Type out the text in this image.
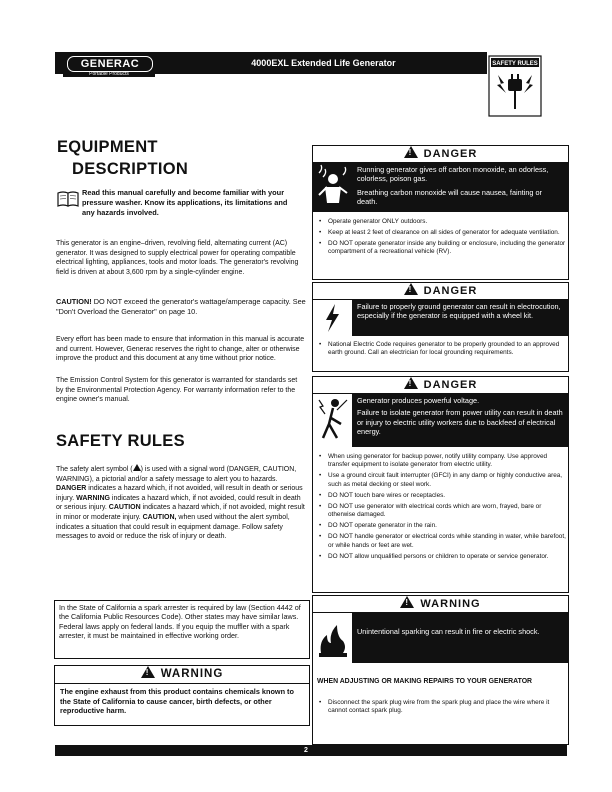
GENERAC
Portable Products
4000EXL Extended Life Generator	SAFETY RULES
EQUIPMENT
DESCRIPTION
Read this manual carefully and become familiar with your pressure washer. Know its applications, its limitations and any hazards involved.
This generator is an engine–driven, revolving field, alternating current (AC) generator. It was designed to supply electrical power for operating compatible electrical lighting, appliances, tools and motor loads. The generator's revolving field is driven at about 3,600 rpm by a single-cylinder engine.
CAUTION! DO NOT exceed the generator's wattage/amperage capacity. See "Don't Overload the Generator" on page 10.
Every effort has been made to ensure that information in this manual is accurate and current. However, Generac reserves the right to change, alter or otherwise improve the product and this document at any time without prior notice.
The Emission Control System for this generator is warranted for standards set by the Environmental Protection Agency. For warranty information refer to the engine owner's manual.
SAFETY RULES
The safety alert symbol ( ) is used with a signal word (DANGER, CAUTION, WARNING), a pictorial and/or a safety message to alert you to hazards. DANGER indicates a hazard which, if not avoided, will result in death or serious injury. WARNING indicates a hazard which, if not avoided, could result in death or serious injury. CAUTION indicates a hazard which, if not avoided, might result in minor or moderate injury. CAUTION, when used without the alert symbol, indicates a situation that could result in equipment damage. Follow safety messages to avoid or reduce the risk of injury or death.
In the State of California a spark arrester is required by law (Section 4442 of the California Public Resources Code). Other states may have similar laws. Federal laws apply on federal lands. If you equip the muffler with a spark arrester, it must be maintained in effective working order.
!WARNING
The engine exhaust from this product contains chemicals known to the State of California to cause cancer, birth defects, or other reproductive harm.
!DANGER
Running generator gives off carbon monoxide, an odorless, colorless, poison gas.
Breathing carbon monoxide will cause nausea, fainting or death.
• Operate generator ONLY outdoors.
• Keep at least 2 feet of clearance on all sides of generator for adequate ventilation.
• DO NOT operate generator inside any building or enclosure, including the generator compartment of a recreational vehicle (RV).
!DANGER
Failure to properly ground generator can result in electrocution, especially if the generator is equipped with a wheel kit.
• National Electric Code requires generator to be properly grounded to an approved earth ground. Call an electrician for local grounding requirements.
!DANGER
Generator produces powerful voltage.
Failure to isolate generator from power utility can result in death or injury to electric utility workers due to backfeed of electrical energy.
• When using generator for backup power, notify utility company. Use approved transfer equipment to isolate generator from electric utility.
• Use a ground circuit fault interrupter (GFCI) in any damp or highly conductive area, such as metal decking or steel work.
• DO NOT touch bare wires or receptacles.
• DO NOT use generator with electrical cords which are worn, frayed, bare or otherwise damaged.
• DO NOT operate generator in the rain.
• DO NOT handle generator or electrical cords while standing in water, while barefoot, or while hands or feet are wet.
• DO NOT allow unqualified persons or children to operate or service generator.
!WARNING
Unintentional sparking can result in fire or electric shock.
WHEN ADJUSTING OR MAKING REPAIRS TO YOUR GENERATOR
• Disconnect the spark plug wire from the spark plug and place the wire where it cannot contact spark plug.
2
